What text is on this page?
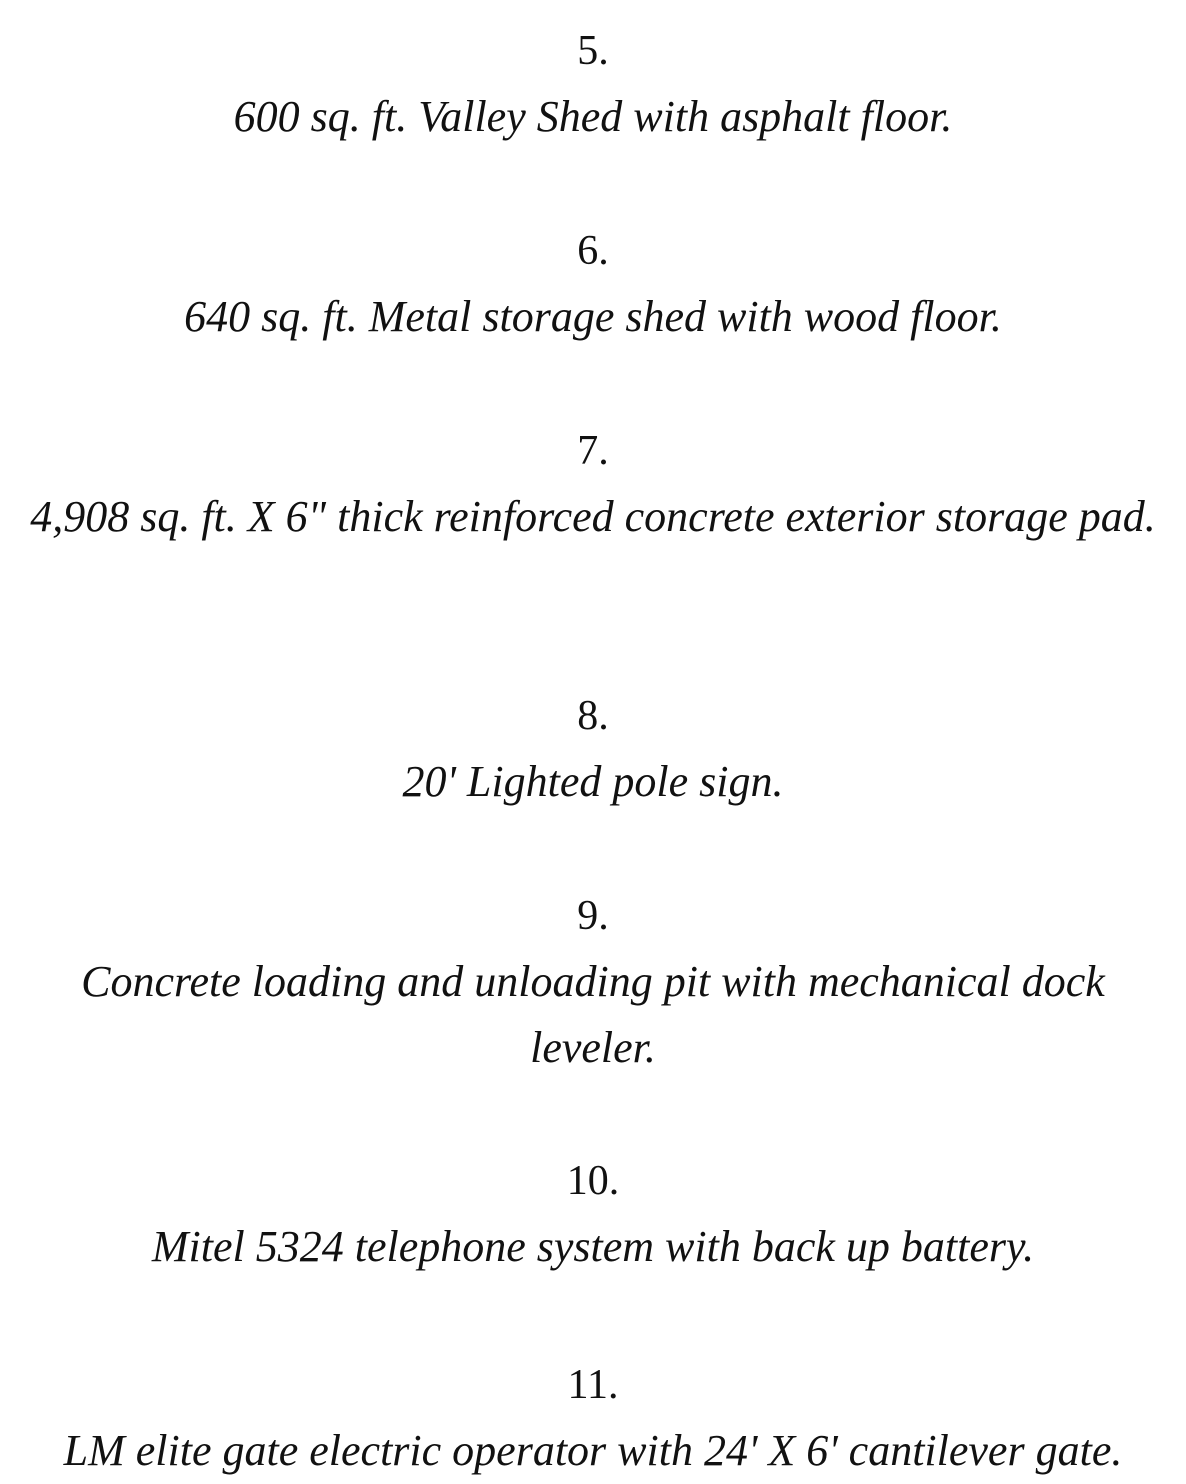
5.
600 sq. ft. Valley Shed with asphalt floor.
6.
640 sq. ft. Metal storage shed with wood floor.
7.
4,908 sq. ft. X 6" thick reinforced concrete exterior storage pad.
8.
20' Lighted pole sign.
9.
Concrete loading and unloading pit with mechanical dock leveler.
10.
Mitel 5324 telephone system with back up battery.
11.
LM elite gate electric operator with 24' X 6' cantilever gate.
